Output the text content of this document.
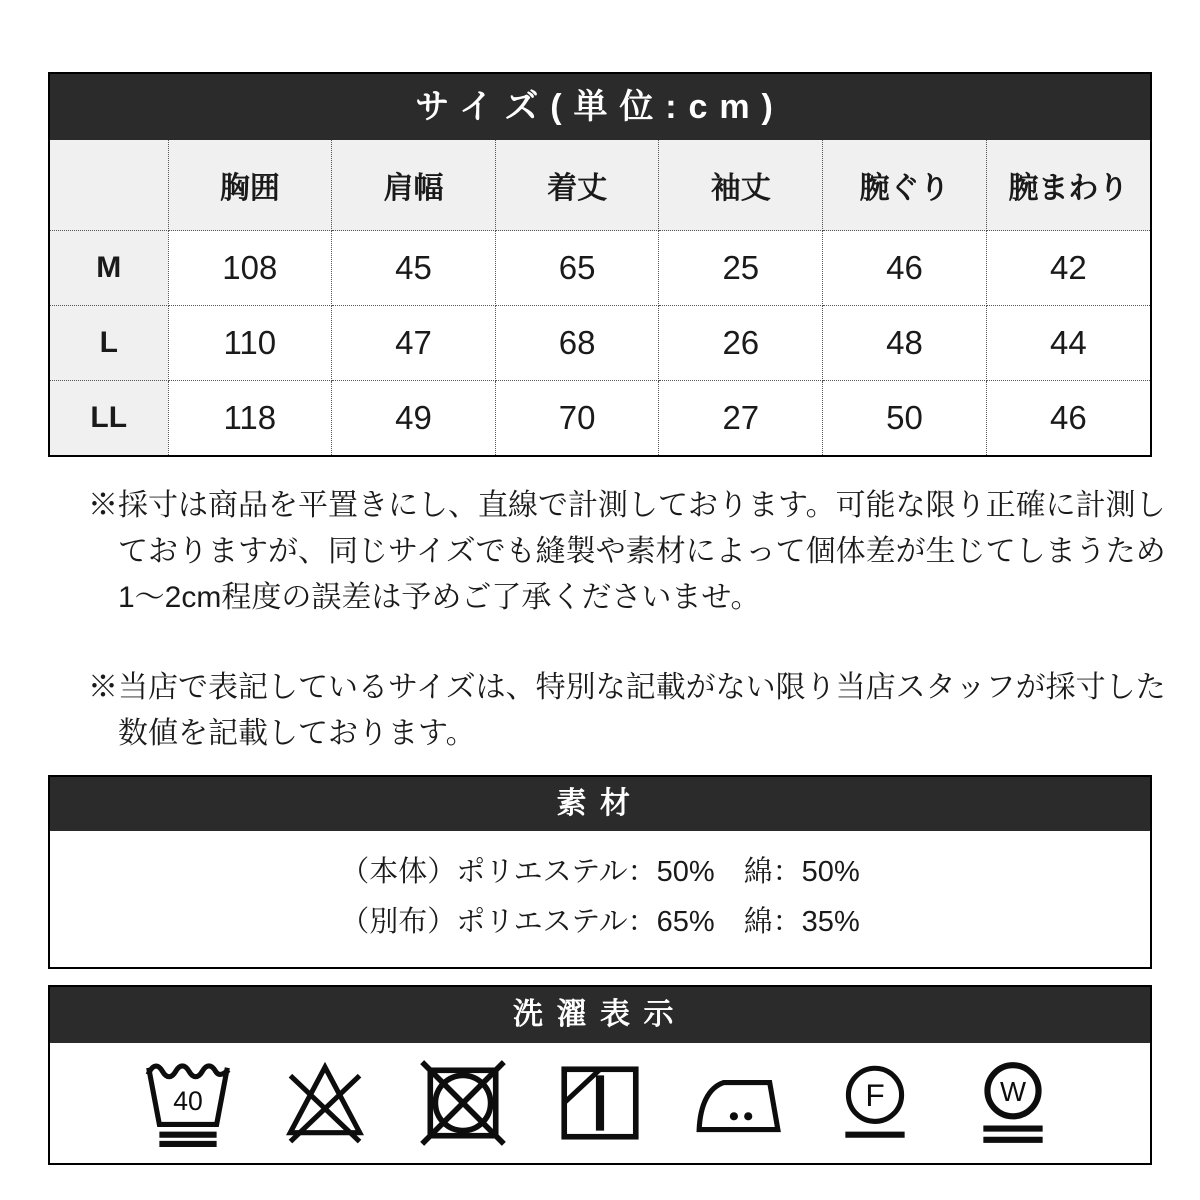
サイズ(単位:cm)
	胸囲	肩幅	着丈	袖丈	腕ぐり	腕まわり
M	108	45	65	25	46	42
L	110	47	68	26	48	44
LL	118	49	70	27	50	46
※採寸は商品を平置きにし、直線で計測しております。可能な限り正確に計測し
ておりますが、同じサイズでも縫製や素材によって個体差が生じてしまうため
1〜2cm程度の誤差は予めご了承くださいませ。
※当店で表記しているサイズは、特別な記載がない限り当店スタッフが採寸した
数値を記載しております。
素材
（本体）ポリエステル：50%　綿：50%
（別布）ポリエステル：65%　綿：35%
洗濯表示
40	F	W
